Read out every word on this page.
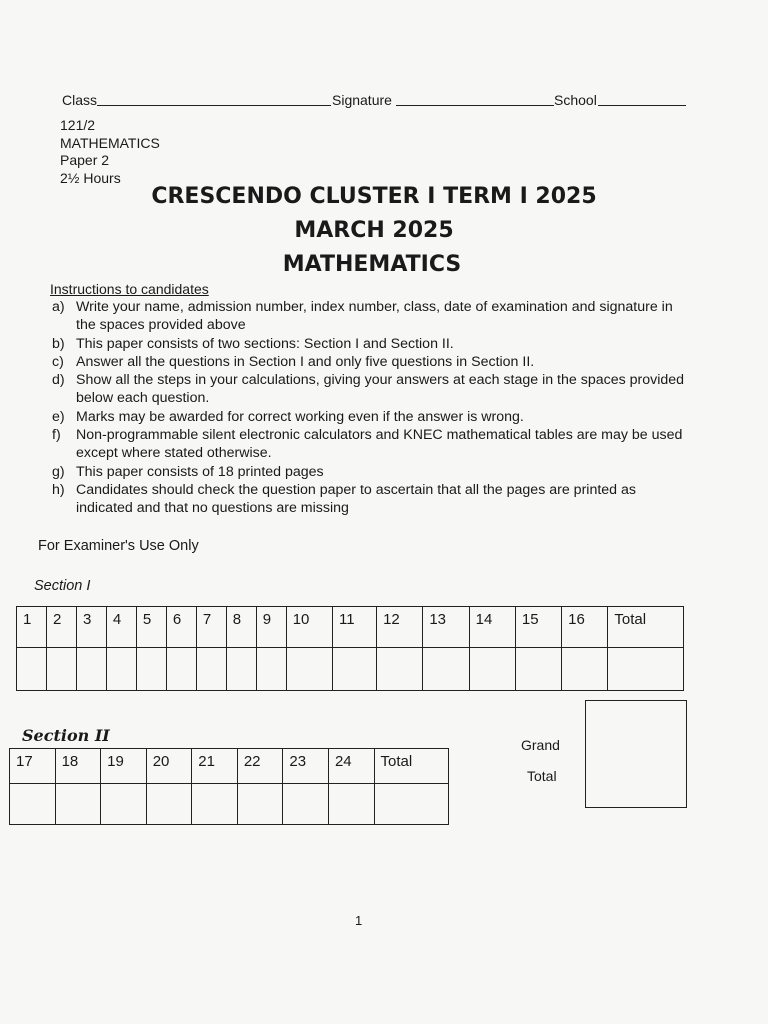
Class	Signature	School
121/2
MATHEMATICS
Paper 2
2½ Hours
CRESCENDO CLUSTER I TERM I 2025
MARCH 2025
MATHEMATICS
Instructions to candidates
a) Write your name, admission number, index number, class, date of examination and signature in the spaces provided above
b) This paper consists of two sections: Section I and Section II.
c) Answer all the questions in Section I and only five questions in Section II.
d) Show all the steps in your calculations, giving your answers at each stage in the spaces provided below each question.
e) Marks may be awarded for correct working even if the answer is wrong.
f)	Non-programmable silent electronic calculators and KNEC mathematical tables are may be used except where stated otherwise.
g) This paper consists of 18 printed pages
h) Candidates should check the question paper to ascertain that all the pages are printed as indicated and that no questions are missing
For Examiner's Use Only
Section I
1	2	3	4	5	6	7	8	9	10	11	12	13	14	15	16	Total

Section II
17	18	19	20	21	22	23	24	Total

Grand
Total
1
